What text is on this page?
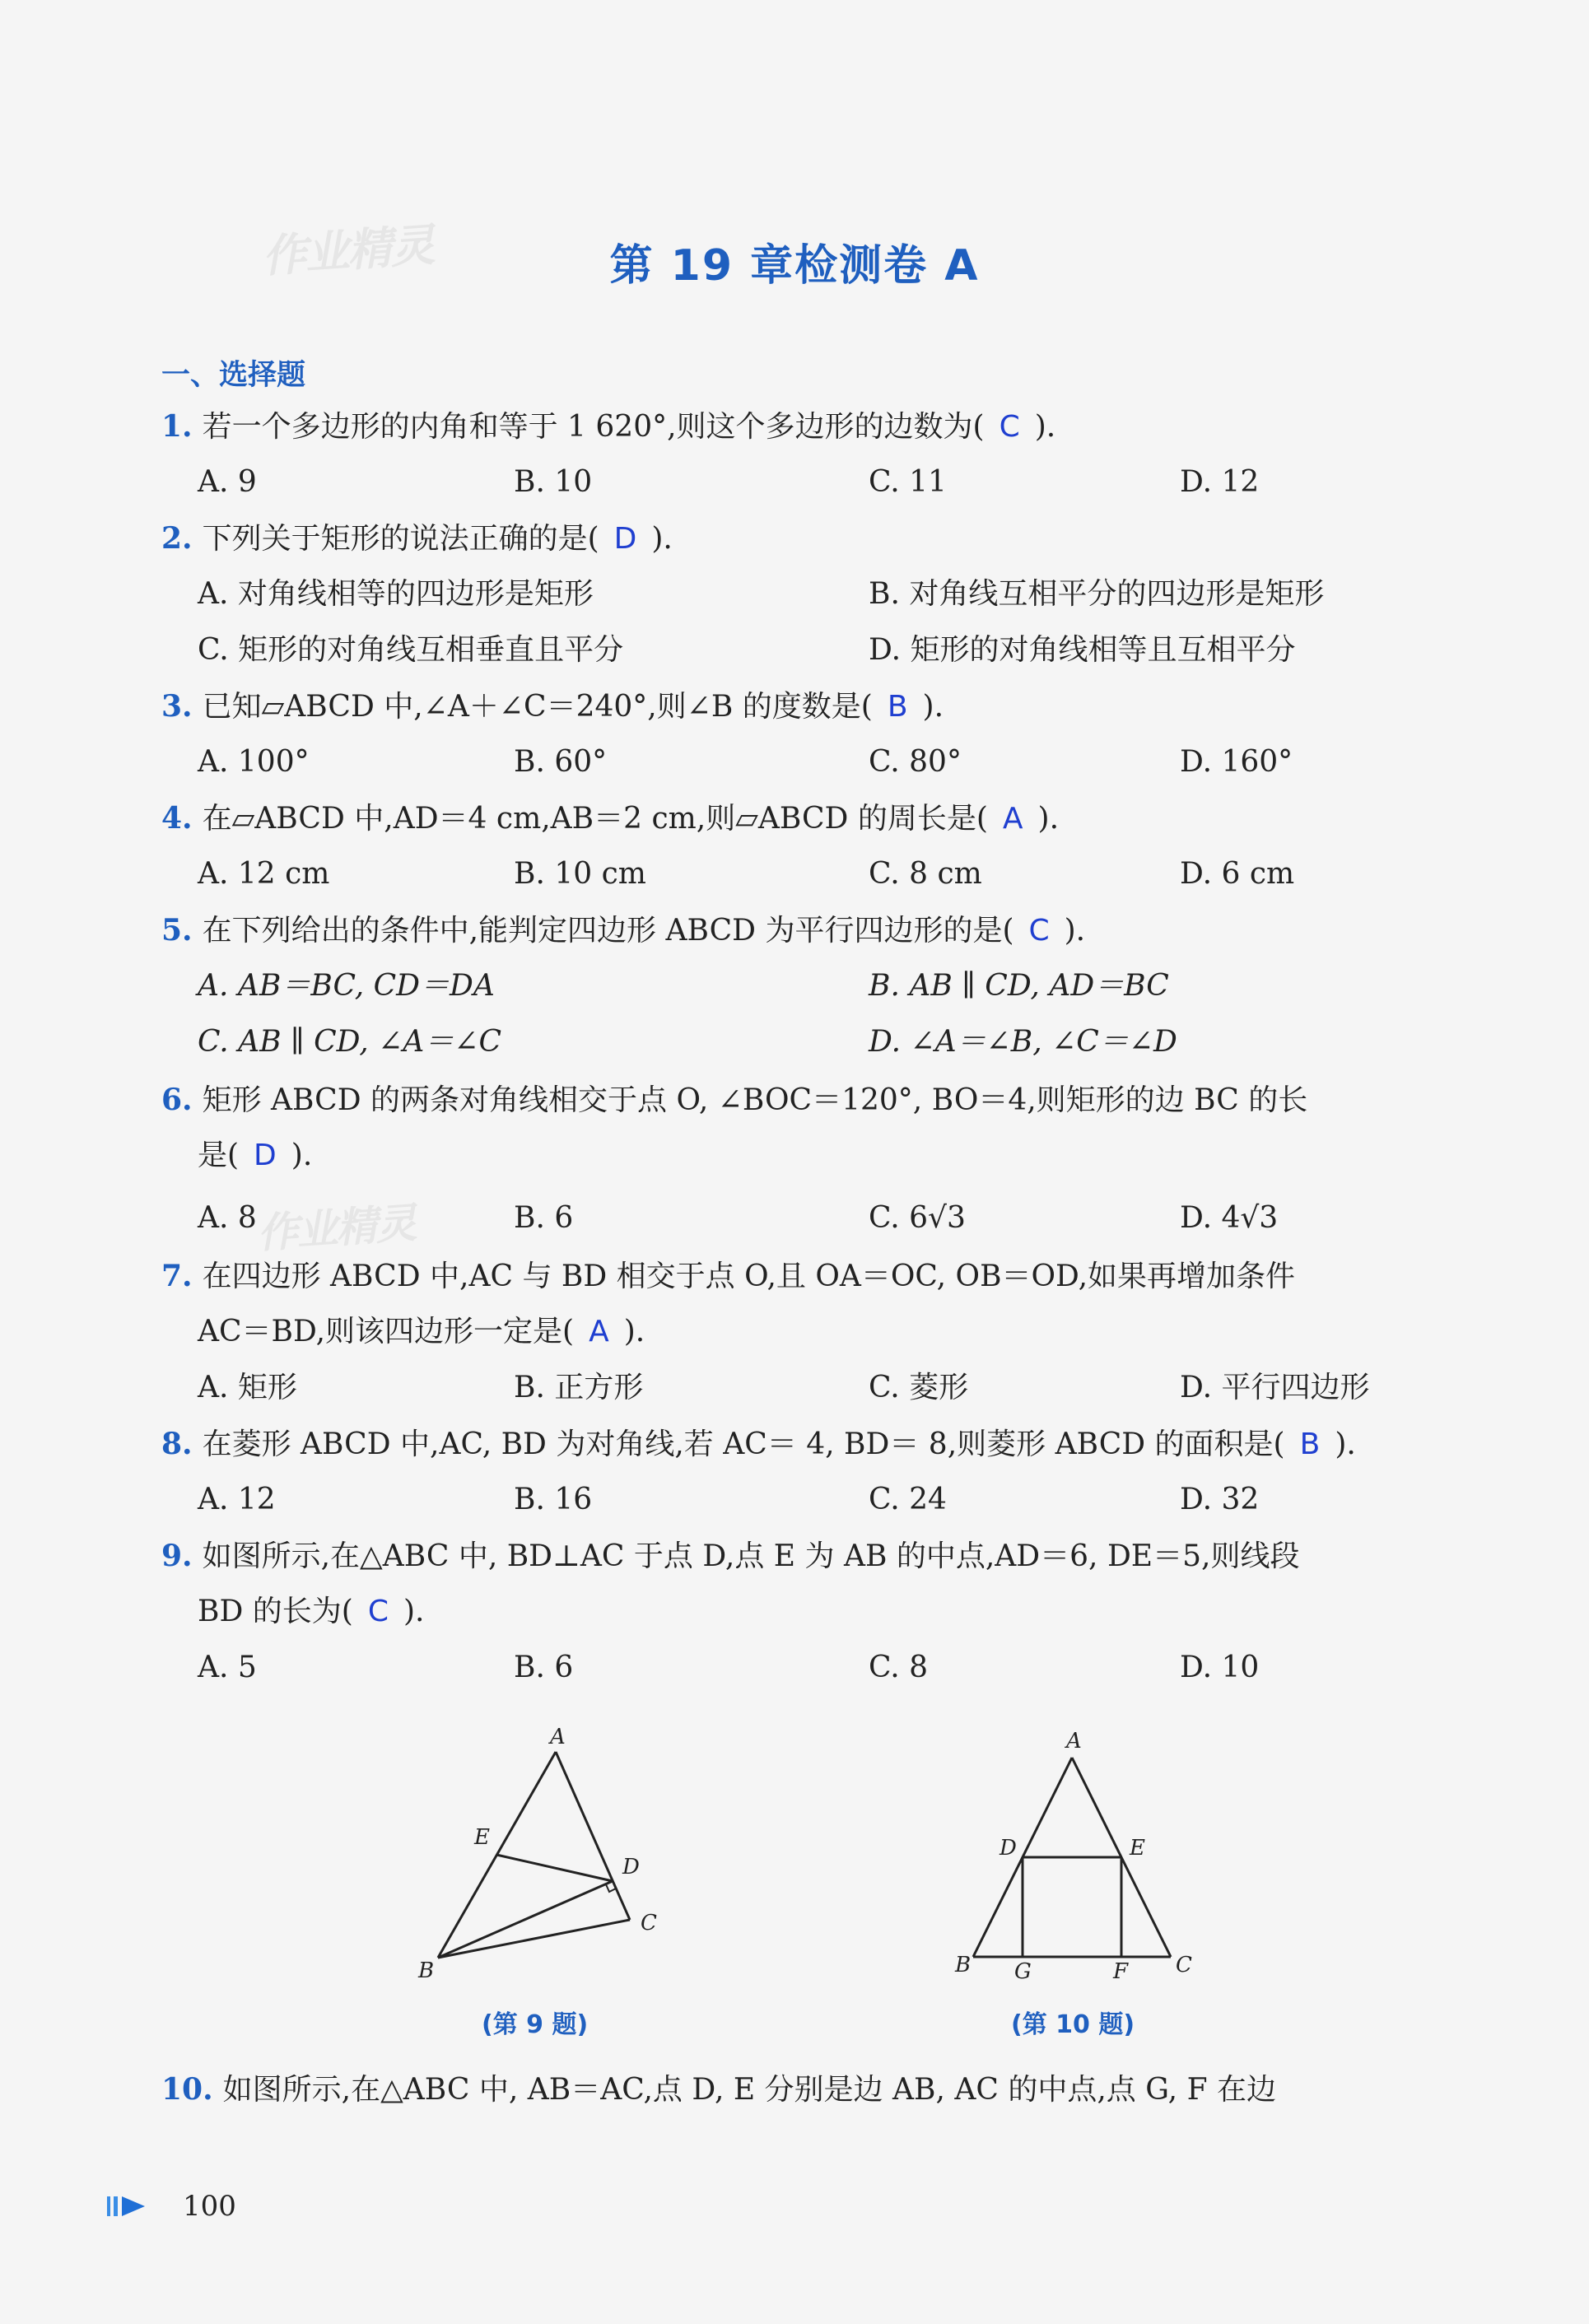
作业精灵
作业精灵
第 19 章检测卷 A
一、选择题
1. 若一个多边形的内角和等于 1 620°,则这个多边形的边数为( C ).
A. 9	B. 10	C. 11	D. 12
2. 下列关于矩形的说法正确的是( D ).
A. 对角线相等的四边形是矩形	B. 对角线互相平分的四边形是矩形
C. 矩形的对角线互相垂直且平分	D. 矩形的对角线相等且互相平分
3. 已知▱ABCD 中,∠A＋∠C＝240°,则∠B 的度数是( B ).
A. 100°	B. 60°	C. 80°	D. 160°
4. 在▱ABCD 中,AD＝4 cm,AB＝2 cm,则▱ABCD 的周长是( A ).
A. 12 cm	B. 10 cm	C. 8 cm	D. 6 cm
5. 在下列给出的条件中,能判定四边形 ABCD 为平行四边形的是( C ).
A. AB＝BC, CD＝DA	B. AB ∥ CD, AD＝BC
C. AB ∥ CD, ∠A＝∠C	D. ∠A＝∠B, ∠C＝∠D
6. 矩形 ABCD 的两条对角线相交于点 O, ∠BOC＝120°, BO＝4,则矩形的边 BC 的长
是( D ).
A. 8	B. 6	C. 6√3	D. 4√3
7. 在四边形 ABCD 中,AC 与 BD 相交于点 O,且 OA＝OC, OB＝OD,如果再增加条件
AC＝BD,则该四边形一定是( A ).
A. 矩形	B. 正方形	C. 菱形	D. 平行四边形
8. 在菱形 ABCD 中,AC, BD 为对角线,若 AC＝ 4, BD＝ 8,则菱形 ABCD 的面积是( B ).
A. 12	B. 16	C. 24	D. 32
9. 如图所示,在△ABC 中, BD⊥AC 于点 D,点 E 为 AB 的中点,AD＝6, DE＝5,则线段
BD 的长为( C ).
A. 5	B. 6	C. 8	D. 10
A
E
D
C
B
(第 9 题)
A
D	E
B G	F C
(第 10 题)
10. 如图所示,在△ABC 中, AB＝AC,点 D, E 分别是边 AB, AC 的中点,点 G, F 在边
100
